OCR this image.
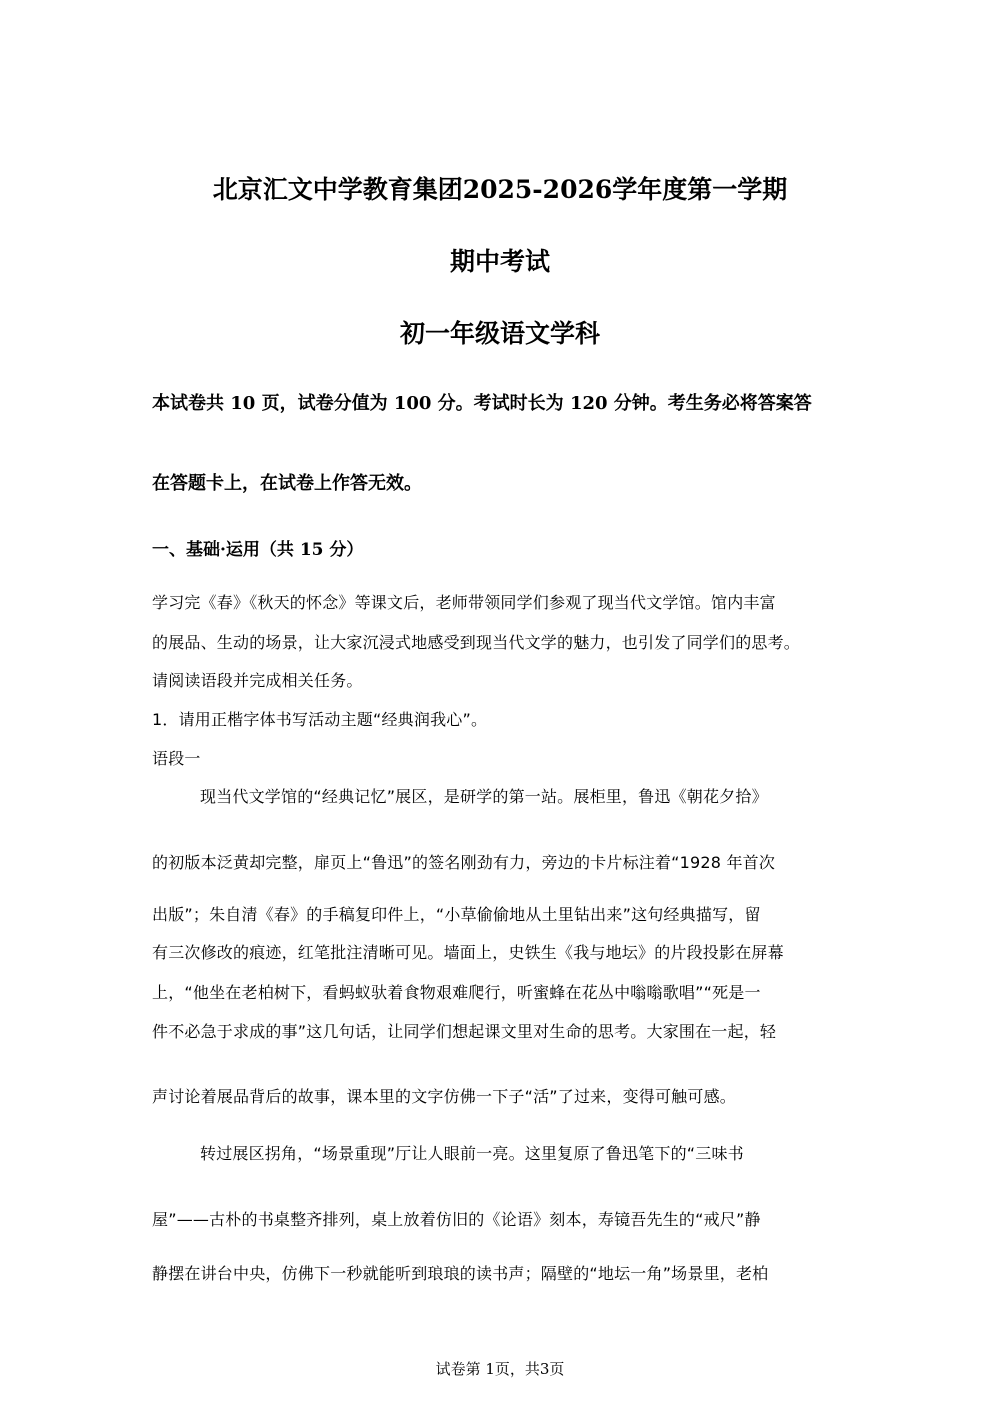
北京汇文中学教育集团2025-2026学年度第一学期
期中考试
初一年级语文学科
本试卷共 10 页，试卷分值为 100 分。考试时长为 120 分钟。考生务必将答案答
在答题卡上，在试卷上作答无效。
一、基础·运用（共 15 分）
学习完《春》《秋天的怀念》等课文后，老师带领同学们参观了现当代文学馆。馆内丰富
的展品、生动的场景，让大家沉浸式地感受到现当代文学的魅力，也引发了同学们的思考。
请阅读语段并完成相关任务。
1．请用正楷字体书写活动主题“经典润我心”。
语段一
现当代文学馆的“经典记忆”展区，是研学的第一站。展柜里，鲁迅《朝花夕拾》
的初版本泛黄却完整，扉页上“鲁迅”的签名刚劲有力，旁边的卡片标注着“1928 年首次
出版”；朱自清《春》的手稿复印件上，“小草偷偷地从土里钻出来”这句经典描写，留
有三次修改的痕迹，红笔批注清晰可见。墙面上，史铁生《我与地坛》的片段投影在屏幕
上，“他坐在老柏树下，看蚂蚁驮着食物艰难爬行，听蜜蜂在花丛中嗡嗡歌唱”“死是一
件不必急于求成的事”这几句话，让同学们想起课文里对生命的思考。大家围在一起，轻
声讨论着展品背后的故事，课本里的文字仿佛一下子“活”了过来，变得可触可感。
转过展区拐角，“场景重现”厅让人眼前一亮。这里复原了鲁迅笔下的“三味书
屋”——古朴的书桌整齐排列，桌上放着仿旧的《论语》刻本，寿镜吾先生的“戒尺”静
静摆在讲台中央，仿佛下一秒就能听到琅琅的读书声；隔壁的“地坛一角”场景里，老柏
试卷第 1页，共3页
